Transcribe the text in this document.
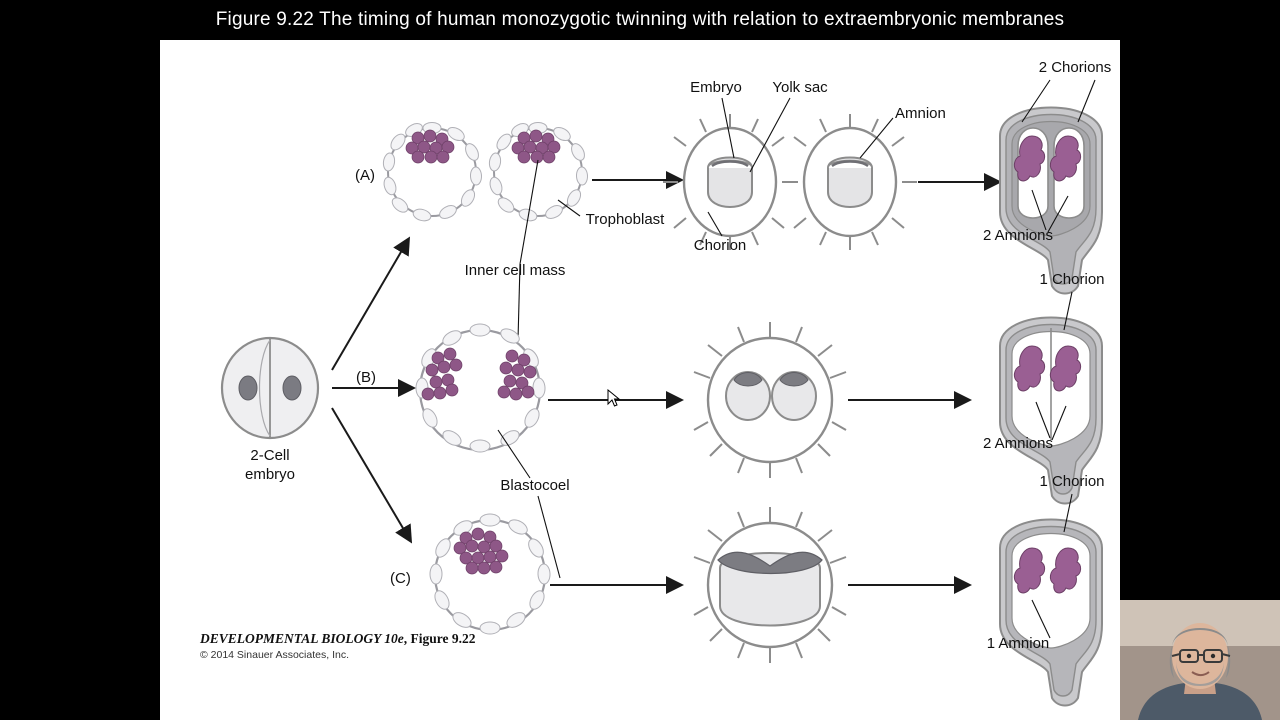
Figure 9.22 The timing of human monozygotic twinning with relation to extraembryonic membranes
2-Cell
embryo
(A)
2 Chorions
2 Amnions
Embryo Yolk sac
Amnion
Trophoblast
Chorion
Inner cell mass
(B)
1 Chorion
2 Amnions
Blastocoel
(C)
1 Chorion
1 Amnion
DEVELOPMENTAL BIOLOGY 10e, Figure 9.22
© 2014 Sinauer Associates, Inc.
